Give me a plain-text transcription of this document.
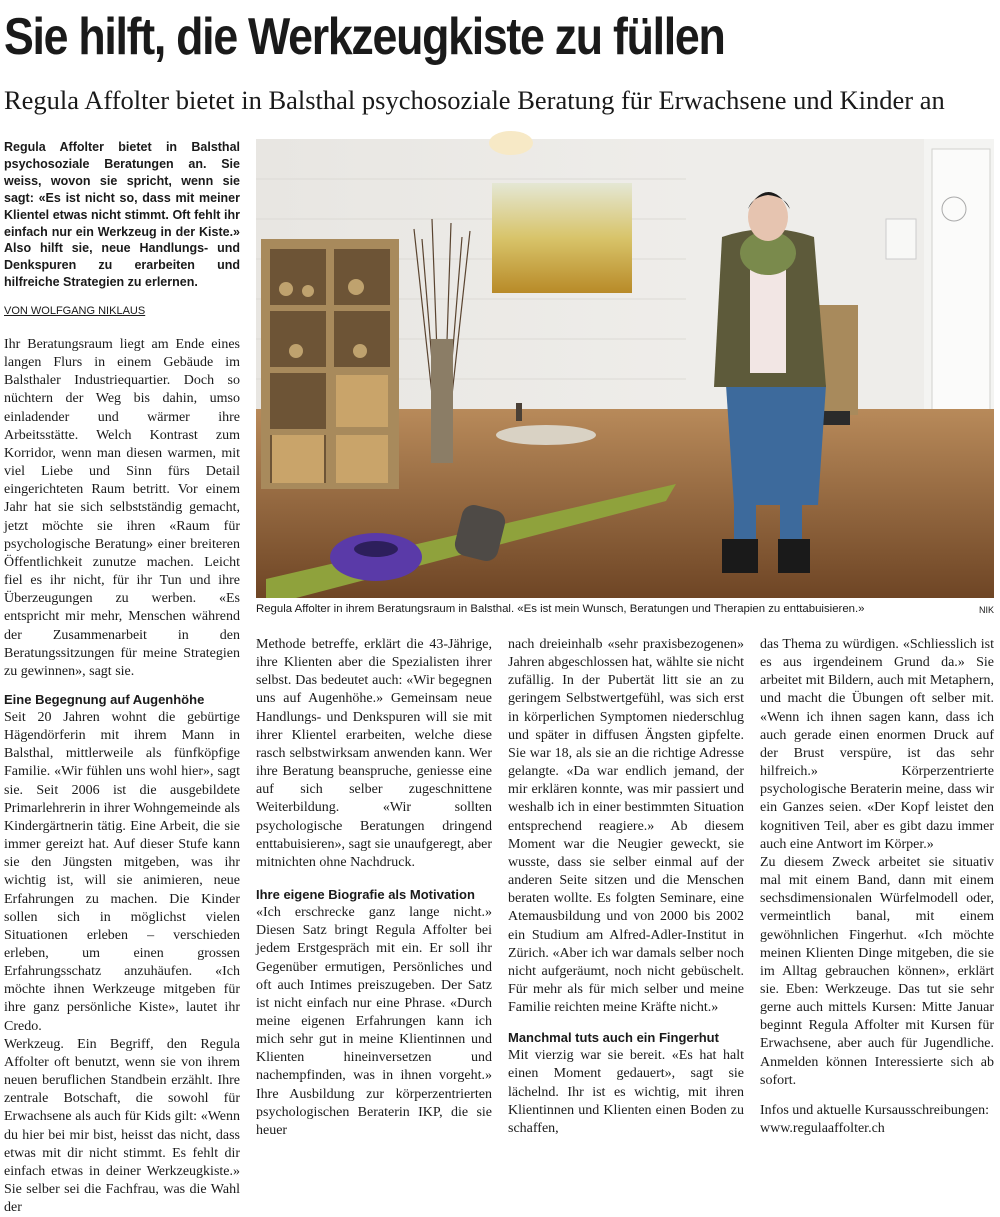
Sie hilft, die Werkzeugkiste zu füllen
Regula Affolter bietet in Balsthal psychosoziale Beratung für Erwachsene und Kinder an
Regula Affolter bietet in Balsthal psychosoziale Beratungen an. Sie weiss, wovon sie spricht, wenn sie sagt: «Es ist nicht so, dass mit meiner Klientel etwas nicht stimmt. Oft fehlt ihr einfach nur ein Werkzeug in der Kiste.» Also hilft sie, neue Handlungs- und Denkspuren zu erarbeiten und hilfreiche Strategien zu erlernen.
VON WOLFGANG NIKLAUS

Ihr Beratungsraum liegt am Ende eines langen Flurs in einem Gebäude im Balsthaler Industriequartier. Doch so nüchtern der Weg bis dahin, umso einladender und wärmer ihre Arbeitsstätte. Welch Kontrast zum Korridor, wenn man diesen warmen, mit viel Liebe und Sinn fürs Detail eingerichteten Raum betritt. Vor einem Jahr hat sie sich selbstständig gemacht, jetzt möchte sie ihren «Raum für psychologische Beratung» einer breiteren Öffentlichkeit zunutze machen. Leicht fiel es ihr nicht, für ihr Tun und ihre Überzeugungen zu werben. «Es entspricht mir mehr, Menschen während der Zusammenarbeit in den Beratungssitzungen für meine Strategien zu gewinnen», sagt sie.

Eine Begegnung auf Augenhöhe

Seit 20 Jahren wohnt die gebürtige Hägendörferin mit ihrem Mann in Balsthal, mittlerweile als fünfköpfige Familie. «Wir fühlen uns wohl hier», sagt sie. Seit 2006 ist die ausgebildete Primarlehrerin in ihrer Wohngemeinde als Kindergärtnerin tätig. Eine Arbeit, die sie immer gereizt hat. Auf dieser Stufe kann sie den Jüngsten mitgeben, was ihr wichtig ist, will sie animieren, neue Erfahrungen zu machen. Die Kinder sollen sich in möglichst vielen Situationen erleben – verschieden erleben, um einen grossen Erfahrungsschatz anzuhäufen. «Ich möchte ihnen Werkzeuge mitgeben für ihre ganz persönliche Kiste», lautet ihr Credo.

Werkzeug. Ein Begriff, den Regula Affolter oft benutzt, wenn sie von ihrem neuen beruflichen Standbein erzählt. Ihre zentrale Botschaft, die sowohl für Erwachsene als auch für Kids gilt: «Wenn du hier bei mir bist, heisst das nicht, dass etwas mit dir nicht stimmt. Es fehlt dir einfach etwas in deiner Werkzeugkiste.» Sie selber sei die Fachfrau, was die Wahl der

Regula Affolter in ihrem Beratungsraum in Balsthal. «Es ist mein Wunsch, Beratungen und Therapien zu enttabuisieren.»	NIK

Methode betreffe, erklärt die 43-Jährige, ihre Klienten aber die Spezialisten ihrer selbst. Das bedeutet auch: «Wir begegnen uns auf Augenhöhe.» Gemeinsam neue Handlungs- und Denkspuren will sie mit ihrer Klientel erarbeiten, welche diese rasch selbstwirksam anwenden kann. Wer ihre Beratung beanspruche, geniesse eine auf sich selber zugeschnittene Weiterbildung. «Wir sollten psychologische Beratungen dringend enttabuisieren», sagt sie unaufgeregt, aber mitnichten ohne Nachdruck.

Ihre eigene Biografie als Motivation

«Ich erschrecke ganz lange nicht.» Diesen Satz bringt Regula Affolter bei jedem Erstgespräch mit ein. Er soll ihr Gegenüber ermutigen, Persönliches und oft auch Intimes preiszugeben. Der Satz ist nicht einfach nur eine Phrase. «Durch meine eigenen Erfahrungen kann ich mich sehr gut in meine Klientinnen und Klienten hineinversetzen und nachempfinden, was in ihnen vorgeht.» Ihre Ausbildung zur körperzentrierten psychologischen Beraterin IKP, die sie heuer

nach dreieinhalb «sehr praxisbezogenen» Jahren abgeschlossen hat, wählte sie nicht zufällig. In der Pubertät litt sie an zu geringem Selbstwertgefühl, was sich erst in körperlichen Symptomen niederschlug und später in diffusen Ängsten gipfelte. Sie war 18, als sie an die richtige Adresse gelangte. «Da war endlich jemand, der mir erklären konnte, was mir passiert und weshalb ich in einer bestimmten Situation entsprechend reagiere.» Ab diesem Moment war die Neugier geweckt, sie wusste, dass sie selber einmal auf der anderen Seite sitzen und die Menschen beraten wollte. Es folgten Seminare, eine Atemausbildung und von 2000 bis 2002 ein Studium am Alfred-Adler-Institut in Zürich. «Aber ich war damals selber noch nicht aufgeräumt, noch nicht gebüschelt. Für mehr als für mich selber und meine Familie reichten meine Kräfte nicht.»

Manchmal tuts auch ein Fingerhut

Mit vierzig war sie bereit. «Es hat halt einen Moment gedauert», sagt sie lächelnd. Ihr ist es wichtig, mit ihren Klientinnen und Klienten einen Boden zu schaffen,

das Thema zu würdigen. «Schliesslich ist es aus irgendeinem Grund da.» Sie arbeitet mit Bildern, auch mit Metaphern, und macht die Übungen oft selber mit. «Wenn ich ihnen sagen kann, dass ich auch gerade einen enormen Druck auf der Brust verspüre, ist das sehr hilfreich.» Körperzentrierte psychologische Beraterin meine, dass wir ein Ganzes seien. «Der Kopf leistet den kognitiven Teil, aber es gibt dazu immer auch eine Antwort im Körper.»

Zu diesem Zweck arbeitet sie situativ mal mit einem Band, dann mit einem sechsdimensionalen Würfelmodell oder, vermeintlich banal, mit einem gewöhnlichen Fingerhut. «Ich möchte meinen Klienten Dinge mitgeben, die sie im Alltag gebrauchen können», erklärt sie. Eben: Werkzeuge. Das tut sie sehr gerne auch mittels Kursen: Mitte Januar beginnt Regula Affolter mit Kursen für Erwachsene, aber auch für Jugendliche. Anmelden können Interessierte sich ab sofort.

Infos und aktuelle Kursausschreibungen: www.regulaaffolter.ch
